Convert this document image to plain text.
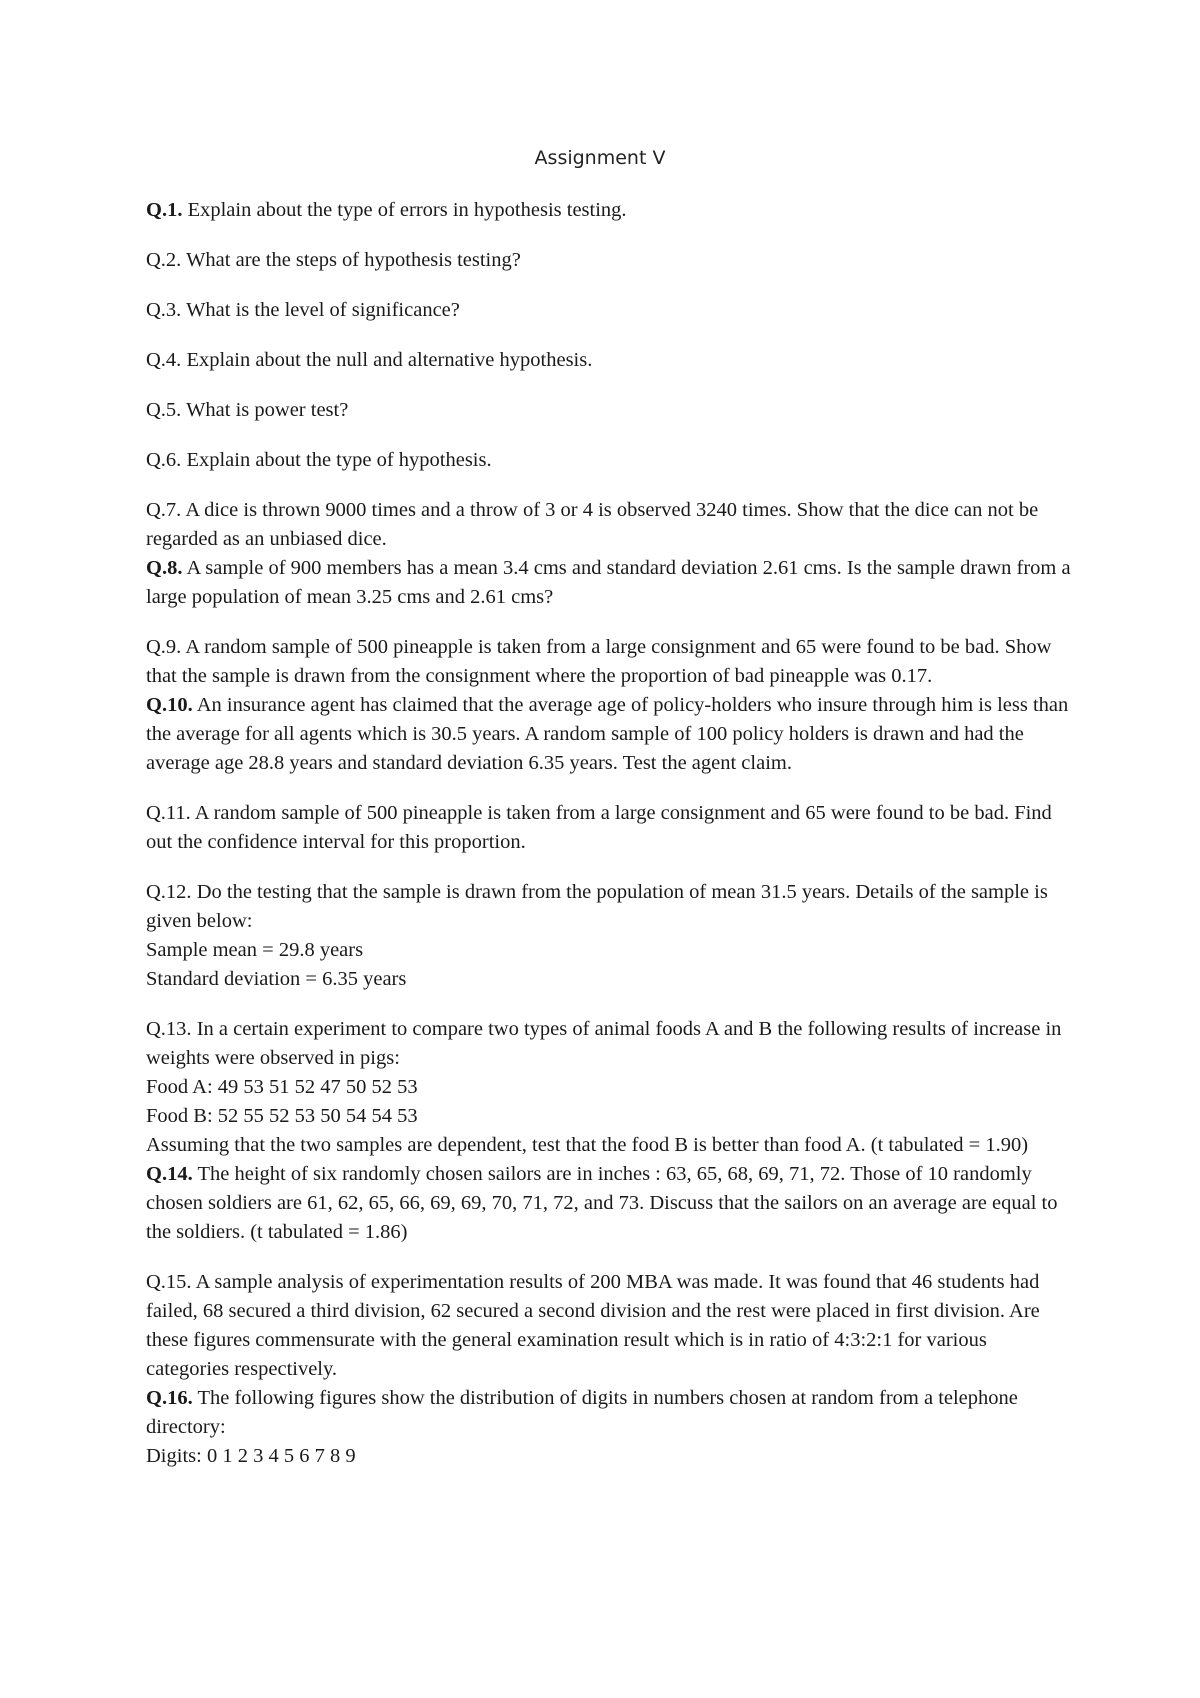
Assignment V

Q.1. Explain about the type of errors in hypothesis testing.

Q.2. What are the steps of hypothesis testing?

Q.3. What is the level of significance?

Q.4. Explain about the null and alternative hypothesis.

Q.5. What is power test?

Q.6. Explain about the type of hypothesis.

Q.7. A dice is thrown 9000 times and a throw of 3 or 4 is observed 3240 times. Show that the dice can not be regarded as an unbiased dice.

Q.8. A sample of 900 members has a mean 3.4 cms and standard deviation 2.61 cms. Is the sample drawn from a large population of mean 3.25 cms and 2.61 cms?

Q.9. A random sample of 500 pineapple is taken from a large consignment and 65 were found to be bad. Show that the sample is drawn from the consignment where the proportion of bad pineapple was 0.17.

Q.10. An insurance agent has claimed that the average age of policy-holders who insure through him is less than the average for all agents which is 30.5 years. A random sample of 100 policy holders is drawn and had the average age 28.8 years and standard deviation 6.35 years. Test the agent claim.

Q.11. A random sample of 500 pineapple is taken from a large consignment and 65 were found to be bad. Find out the confidence interval for this proportion.

Q.12. Do the testing that the sample is drawn from the population of mean 31.5 years. Details of the sample is given below:
Sample mean = 29.8 years
Standard deviation = 6.35 years

Q.13. In a certain experiment to compare two types of animal foods A and B the following results of increase in weights were observed in pigs:
Food A: 49 53 51 52 47 50 52 53
Food B: 52 55 52 53 50 54 54 53
Assuming that the two samples are dependent, test that the food B is better than food A. (t tabulated = 1.90)

Q.14. The height of six randomly chosen sailors are in inches : 63, 65, 68, 69, 71, 72. Those of 10 randomly chosen soldiers are 61, 62, 65, 66, 69, 69, 70, 71, 72, and 73. Discuss that the sailors on an average are equal to the soldiers. (t tabulated = 1.86)

Q.15. A sample analysis of experimentation results of 200 MBA was made. It was found that 46 students had failed, 68 secured a third division, 62 secured a second division and the rest were placed in first division. Are these figures commensurate with the general examination result which is in ratio of 4:3:2:1 for various categories respectively.

Q.16. The following figures show the distribution of digits in numbers chosen at random from a telephone directory:
Digits: 0 1 2 3 4 5 6 7 8 9
